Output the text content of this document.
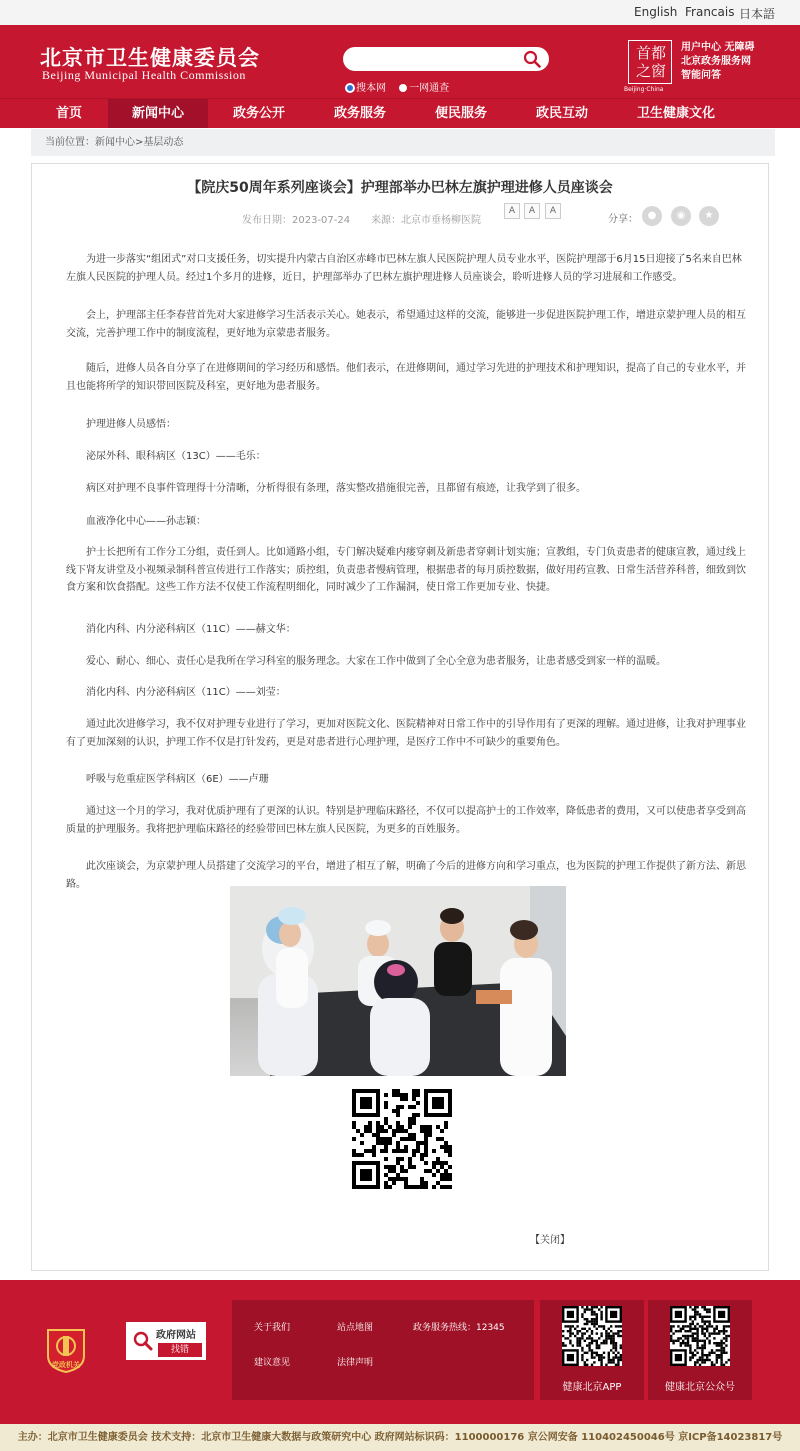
English Francais 日本語
北京市卫生健康委员会
Beijing Municipal Health Commission
搜本网 一网通查
首都之窗
Beijing·China
用户中心 无障碍
北京政务服务网
智能问答
首页	新闻中心	政务公开	政务服务	便民服务	政民互动	卫生健康文化
当前位置：新闻中心>基层动态
【院庆50周年系列座谈会】护理部举办巴林左旗护理进修人员座谈会
发布日期：2023-07-24 来源：北京市垂杨柳医院
A	A	A
分享： ●	◉	★
为进一步落实“组团式”对口支援任务，切实提升内蒙古自治区赤峰市巴林左旗人民医院护理人员专业水平，医院护理部于6月15日迎接了5名来自巴林左旗人民医院的护理人员。经过1个多月的进修，近日，护理部举办了巴林左旗护理进修人员座谈会，聆听进修人员的学习进展和工作感受。
会上，护理部主任李春营首先对大家进修学习生活表示关心。她表示，希望通过这样的交流，能够进一步促进医院护理工作，增进京蒙护理人员的相互交流，完善护理工作中的制度流程，更好地为京蒙患者服务。
随后，进修人员各自分享了在进修期间的学习经历和感悟。他们表示，在进修期间，通过学习先进的护理技术和护理知识，提高了自己的专业水平，并且也能将所学的知识带回医院及科室，更好地为患者服务。
护理进修人员感悟：
泌尿外科、眼科病区（13C）——毛乐：
病区对护理不良事件管理得十分清晰，分析得很有条理，落实整改措施很完善，且都留有痕迹，让我学到了很多。
血液净化中心——孙志颖：
护士长把所有工作分工分组，责任到人。比如通路小组，专门解决疑难内瘘穿刺及新患者穿刺计划实施；宣教组，专门负责患者的健康宣教，通过线上线下肾友讲堂及小视频录制科普宣传进行工作落实；质控组，负责患者慢病管理，根据患者的每月质控数据，做好用药宣教、日常生活营养科普，细致到饮食方案和饮食搭配。这些工作方法不仅使工作流程明细化，同时减少了工作漏洞，使日常工作更加专业、快捷。
消化内科、内分泌科病区（11C）——赫文华：
爱心、耐心、细心、责任心是我所在学习科室的服务理念。大家在工作中做到了全心全意为患者服务，让患者感受到家一样的温暖。
消化内科、内分泌科病区（11C）——刘莹：
通过此次进修学习，我不仅对护理专业进行了学习，更加对医院文化、医院精神对日常工作中的引导作用有了更深的理解。通过进修，让我对护理事业有了更加深刻的认识，护理工作不仅是打针发药，更是对患者进行心理护理，是医疗工作中不可缺少的重要角色。
呼吸与危重症医学科病区（6E）——卢珊
通过这一个月的学习，我对优质护理有了更深的认识。特别是护理临床路径，不仅可以提高护士的工作效率，降低患者的费用，又可以使患者享受到高质量的护理服务。我将把护理临床路径的经验带回巴林左旗人民医院，为更多的百姓服务。
此次座谈会，为京蒙护理人员搭建了交流学习的平台，增进了相互了解，明确了今后的进修方向和学习重点，也为医院的护理工作提供了新方法、新思路。
【关闭】
党政机关
政府网站
找错
关于我们	站点地图	政务服务热线：12345
建议意见	法律声明
健康北京APP	健康北京公众号
主办：北京市卫生健康委员会 技术支持：北京市卫生健康大数据与政策研究中心 政府网站标识码：1100000176 京公网安备 110402450046号 京ICP备14023817号
